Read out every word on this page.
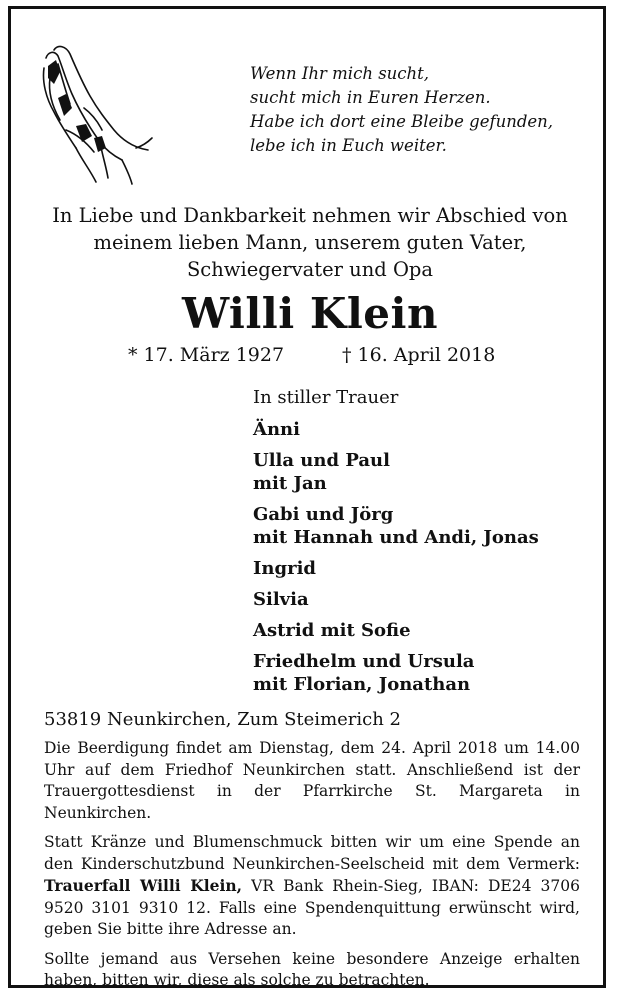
Wenn Ihr mich sucht,
sucht mich in Euren Herzen.
Habe ich dort eine Bleibe gefunden,
lebe ich in Euch weiter.
In Liebe und Dankbarkeit nehmen wir Abschied von
meinem lieben Mann, unserem guten Vater,
Schwiegervater und Opa
Willi Klein
* 17. März 1927	† 16. April 2018
In stiller Trauer
Änni
Ulla und Paul
mit Jan
Gabi und Jörg
mit Hannah und Andi, Jonas
Ingrid
Silvia
Astrid mit Sofie
Friedhelm und Ursula
mit Florian, Jonathan
53819 Neunkirchen, Zum Steimerich 2

Die Beerdigung findet am Dienstag, dem 24. April 2018 um 14.00 Uhr auf dem Friedhof Neunkirchen statt. Anschließend ist der Trauergottesdienst in der Pfarrkirche St. Margareta in Neunkirchen.

Statt Kränze und Blumenschmuck bitten wir um eine Spende an den Kinderschutzbund Neunkirchen-Seelscheid mit dem Vermerk: Trauerfall Willi Klein, VR Bank Rhein-Sieg, IBAN: DE24 3706 9520 3101 9310 12. Falls eine Spendenquittung erwünscht wird, geben Sie bitte ihre Adresse an.

Sollte jemand aus Versehen keine besondere Anzeige erhalten haben, bitten wir, diese als solche zu betrachten.
